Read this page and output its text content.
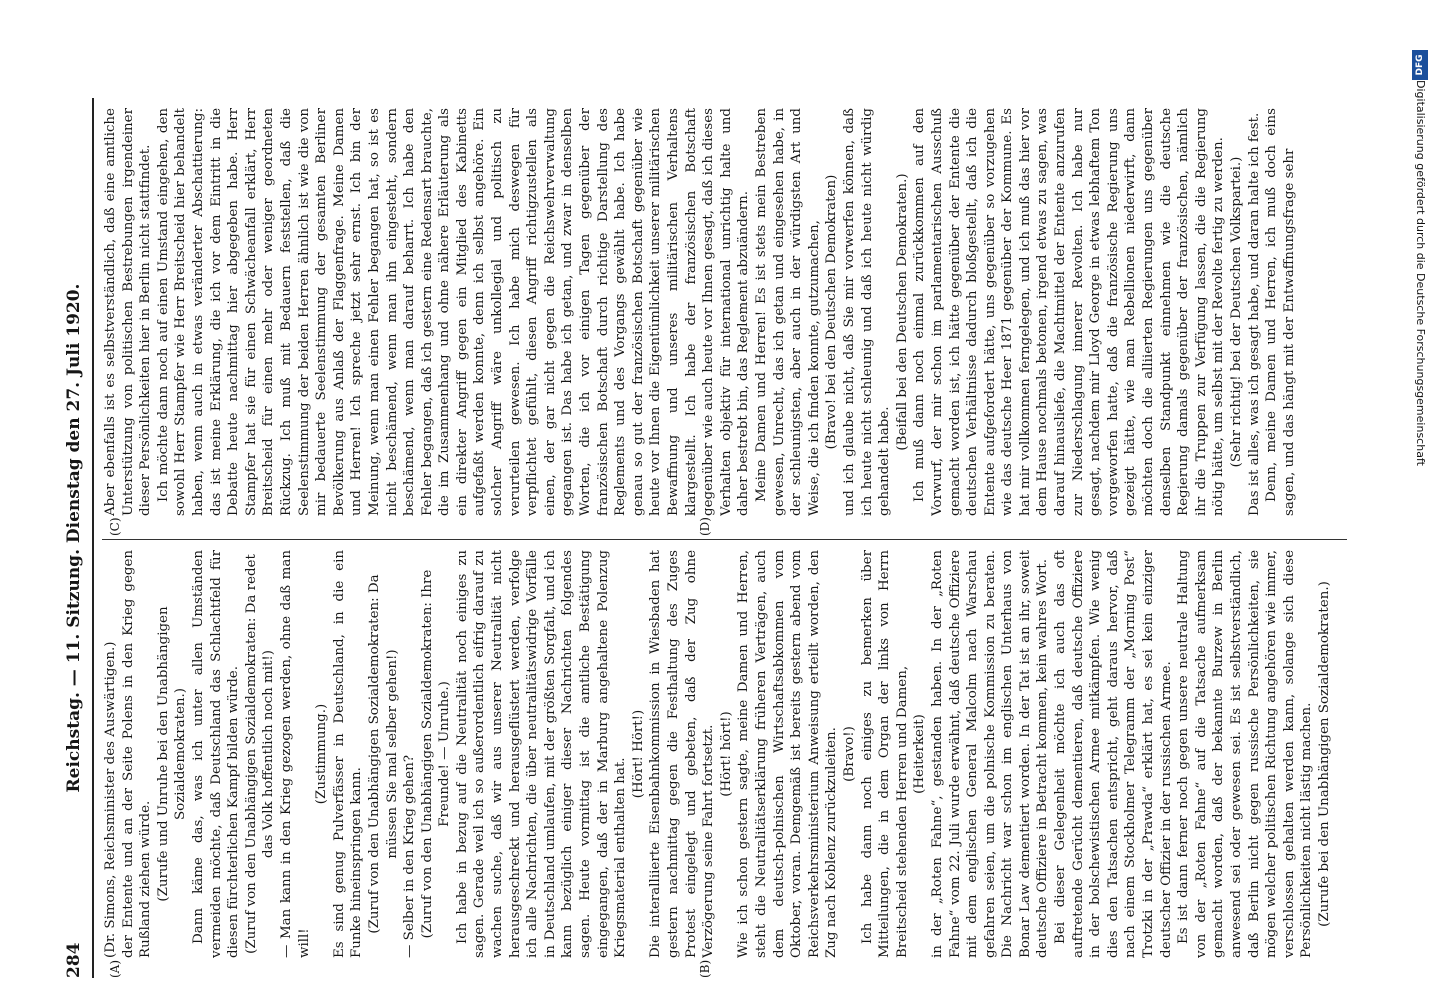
284
Reichstag. — 11. Sitzung. Dienstag den 27. Juli 1920.
(A)	(B)
(C)	(D)

(Dr. Simons, Reichsminister des Auswärtigen.) der Entente und an der Seite Polens in den Krieg gegen Rußland ziehen würde. (Zurufe und Unruhe bei den Unabhängigen Sozialdemokraten.) Dann käme das, was ich unter allen Umständen vermeiden möchte, daß Deutschland das Schlachtfeld für diesen fürchterlichen Kampf bilden würde. (Zuruf von den Unabhängigen Sozialdemokraten: Da redet das Volk hoffentlich noch mit!) — Man kann in den Krieg gezogen werden, ohne daß man will!

(Zustimmung.) Es sind genug Pulverfässer in Deutschland, in die ein Funke hineinspringen kann. (Zuruf von den Unabhängigen Sozialdemokraten: Da müssen Sie mal selber gehen!) — Selber in den Krieg gehen? (Zuruf von den Unabhängigen Sozialdemokraten: Ihre Freunde! — Unruhe.) Ich habe in bezug auf die Neutralität noch einiges zu sagen. Gerade weil ich so außerordentlich eifrig darauf zu wachen suche, daß wir aus unserer Neutralität nicht herausgeschreckt und herausgeflüstert werden, verfolge ich alle Nachrichten, die über neutralitätswidrige Vorfälle in Deutschland umlaufen, mit der größten Sorgfalt, und ich kann bezüglich einiger dieser Nachrichten folgendes sagen. Heute vormittag ist die amtliche Bestätigung eingegangen, daß der in Marburg angehaltene Polenzug Kriegsmaterial enthalten hat.

(Hört! Hört!) Die interalliierte Eisenbahnkommission in Wiesbaden hat gestern nachmittag gegen die Festhaltung des Zuges Protest eingelegt und gebeten, daß der Zug ohne Verzögerung seine Fahrt fortsetzt. (Hört! hört!) Wie ich schon gestern sagte, meine Damen und Herren, steht die Neutralitätserklärung früheren Verträgen, auch dem deutsch-polnischen Wirtschaftsabkommen vom Oktober, voran. Demgemäß ist bereits gestern abend vom Reichsverkehrsministerium Anweisung erteilt worden, den Zug nach Koblenz zurückzuleiten. (Bravo!) Ich habe dann noch einiges zu bemerken über Mitteilungen, die in dem Organ der links von Herrn Breitscheid stehenden Herren und Damen, (Heiterkeit) in der „Roten Fahne“, gestanden haben. In der „Roten Fahne“ vom 22. Juli wurde erwähnt, daß deutsche Offiziere mit dem englischen General Malcolm nach Warschau gefahren seien, um die polnische Kommission zu beraten. Die Nachricht war schon im englischen Unterhaus von Bonar Law dementiert worden. In der Tat ist an ihr, soweit deutsche Offiziere in Betracht kommen, kein wahres Wort. Bei dieser Gelegenheit möchte ich auch das oft auftretende Gerücht dementieren, daß deutsche Offiziere in der bolschewistischen Armee mitkämpfen. Wie wenig dies den Tatsachen entspricht, geht daraus hervor, daß nach einem Stockholmer Telegramm der „Morning Post“ Trotzki in der „Prawda“ erklärt hat, es sei kein einziger deutscher Offizier in der russischen Armee. Es ist dann ferner noch gegen unsere neutrale Haltung von der „Roten Fahne“ auf die Tatsache aufmerksam gemacht worden, daß der bekannte Burzew in Berlin anwesend sei oder gewesen sei. Es ist selbstverständlich, daß Berlin nicht gegen russische Persönlichkeiten, sie mögen welcher politischen Richtung angehören wie immer, verschlossen gehalten werden kann, solange sich diese Persönlichkeiten nicht lästig machen. (Zurufe bei den Unabhängigen Sozialdemokraten.)

Aber ebenfalls ist es selbstverständlich, daß eine amtliche Unterstützung von politischen Bestrebungen irgendeiner dieser Persönlichkeiten hier in Berlin nicht stattfindet. Ich möchte dann noch auf einen Umstand eingehen, den sowohl Herr Stampfer wie Herr Breitscheid hier behandelt haben, wenn auch in etwas veränderter Abschattierung: das ist meine Erklärung, die ich vor dem Eintritt in die Debatte heute nachmittag hier abgegeben habe. Herr Stampfer hat sie für einen Schwächeanfall erklärt, Herr Breitscheid für einen mehr oder weniger geordneten Rückzug. Ich muß mit Bedauern feststellen, daß die Seelenstimmung der beiden Herren ähnlich ist wie die von mir bedauerte Seelenstimmung der gesamten Berliner Bevölkerung aus Anlaß der Flaggenfrage. Meine Damen und Herren! Ich spreche jetzt sehr ernst. Ich bin der Meinung, wenn man einen Fehler begangen hat, so ist es nicht beschämend, wenn man ihn eingesteht, sondern beschämend, wenn man darauf beharrt. Ich habe den Fehler begangen, daß ich gestern eine Redensart brauchte, die im Zusammenhang und ohne nähere Erläuterung als ein direkter Angriff gegen ein Mitglied des Kabinetts aufgefaßt werden konnte, denn ich selbst angehöre. Ein solcher Angriff wäre unkollegial und politisch zu verurteilen gewesen. Ich habe mich deswegen für verpflichtet gefühlt, diesen Angriff richtigzustellen als einen, der gar nicht gegen die Reichswehrverwaltung gegangen ist. Das habe ich getan, und zwar in denselben Worten, die ich vor einigen Tagen gegenüber der französischen Botschaft durch richtige Darstellung des Reglements und des Vorgangs gewählt habe. Ich habe genau so gut der französischen Botschaft gegenüber wie heute vor Ihnen die Eigentümlichkeit unserer militärischen Bewaffnung und unseres militärischen Verhaltens klargestellt. Ich habe der französischen Botschaft gegenüber wie auch heute vor Ihnen gesagt, daß ich dieses Verhalten objektiv für international unrichtig halte und daher bestrebt bin, das Reglement abzuändern. Meine Damen und Herren! Es ist stets mein Bestreben gewesen, Unrecht, das ich getan und eingesehen habe, in der schleunigsten, aber auch in der würdigsten Art und Weise, die ich finden konnte, gutzumachen, (Bravo! bei den Deutschen Demokraten) und ich glaube nicht, daß Sie mir vorwerfen können, daß ich heute nicht schleunig und daß ich heute nicht würdig gehandelt habe.

(Beifall bei den Deutschen Demokraten.) Ich muß dann noch einmal zurückkommen auf den Vorwurf, der mir schon im parlamentarischen Ausschuß gemacht worden ist, ich hätte gegenüber der Entente die deutschen Verhältnisse dadurch bloßgestellt, daß ich die Entente aufgefordert hätte, uns gegenüber so vorzugehen wie das deutsche Heer 1871 gegenüber der Kommune. Es hat mir vollkommen ferngelegen, und ich muß das hier vor dem Hause nochmals betonen, irgend etwas zu sagen, was darauf hinausliefe, die Machtmittel der Entente anzurufen zur Niederschlagung innerer Revolten. Ich habe nur gesagt, nachdem mir Lloyd George in etwas lebhaftem Ton vorgeworfen hatte, daß die französische Regierung uns gezeigt hätte, wie man Rebellionen niederwirft, dann möchten doch die alliierten Regierungen uns gegenüber denselben Standpunkt einnehmen wie die deutsche Regierung damals gegenüber der französischen, nämlich ihr die Truppen zur Verfügung lassen, die die Regierung nötig hätte, um selbst mit der Revolte fertig zu werden. (Sehr richtig! bei der Deutschen Volkspartei.) Das ist alles, was ich gesagt habe, und daran halte ich fest. Denn, meine Damen und Herren, ich muß doch eins sagen, und das hängt mit der Entwaffnungsfrage sehr

DFG
Digitalisierung gefördert durch die Deutsche Forschungsgemeinschaft
